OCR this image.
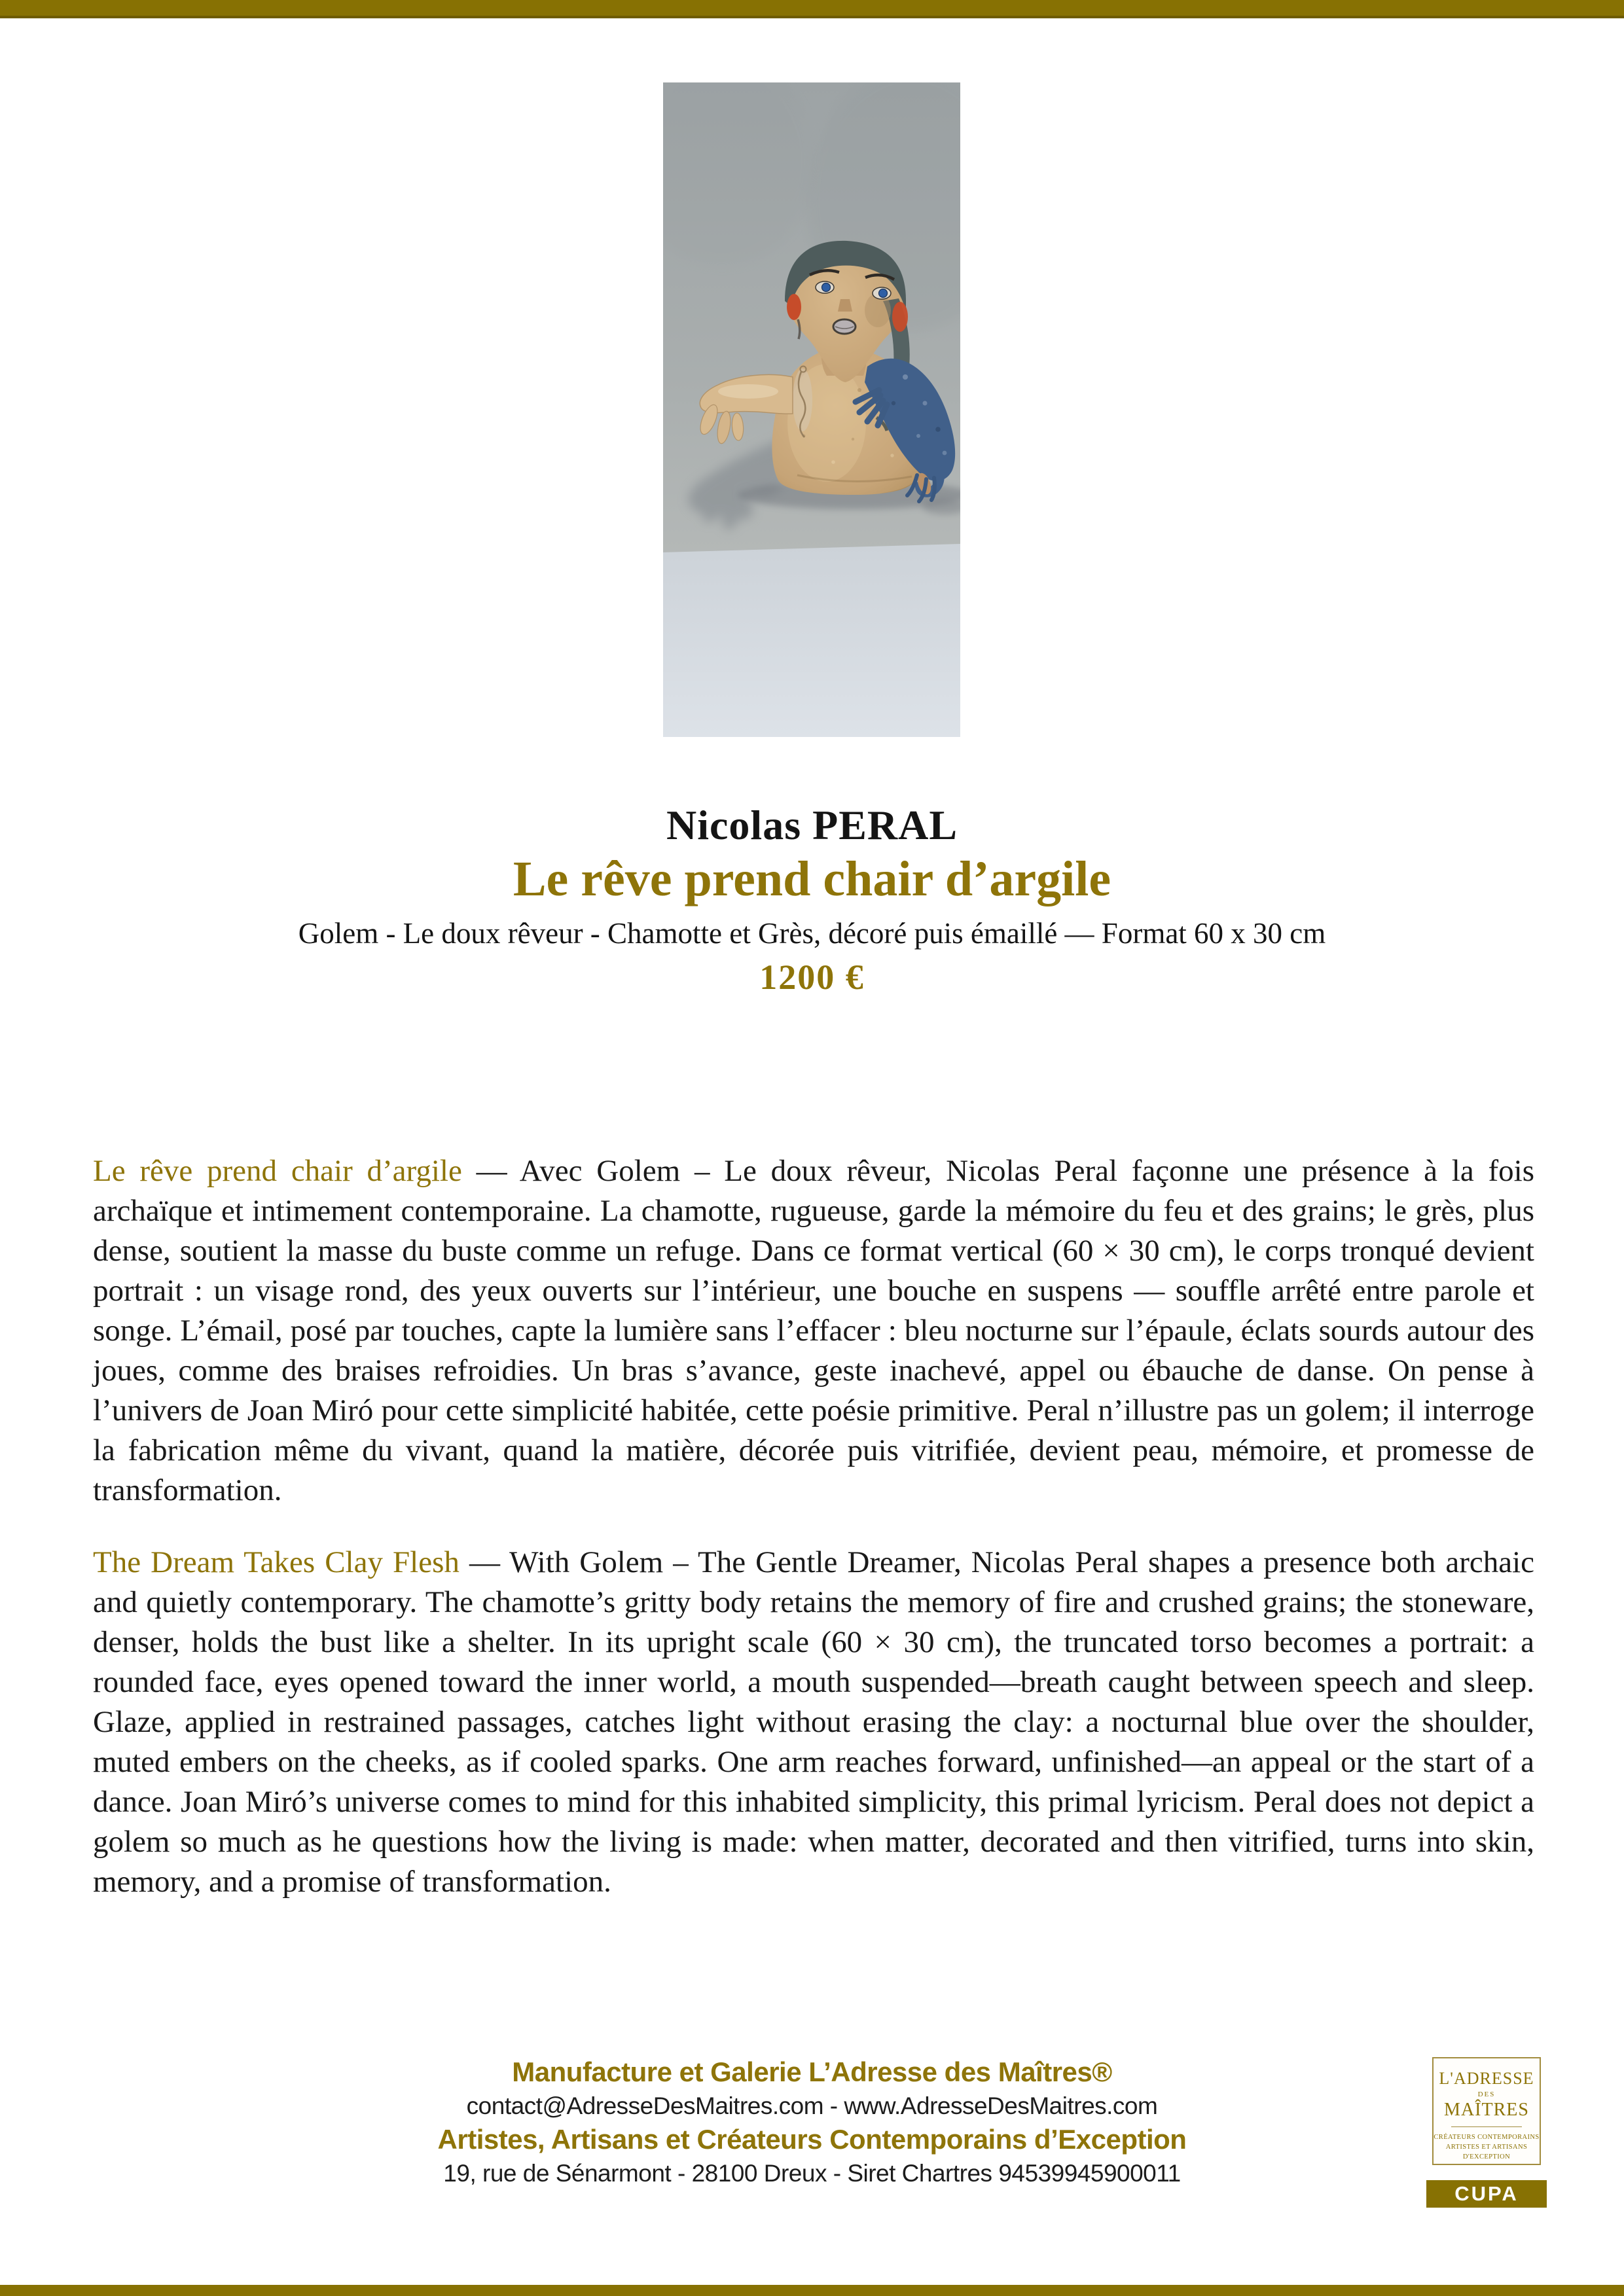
Nicolas PERAL
Le rêve prend chair d’argile
Golem - Le doux rêveur - Chamotte et Grès, décoré puis émaillé — Format 60 x 30 cm
1200 €

Le rêve prend chair d’argile — Avec Golem – Le doux rêveur, Nicolas Peral façonne une présence à la fois archaïque et intimement contemporaine. La chamotte, rugueuse, garde la mémoire du feu et des grains; le grès, plus dense, soutient la masse du buste comme un refuge. Dans ce format vertical (60 × 30 cm), le corps tronqué devient portrait : un visage rond, des yeux ouverts sur l’intérieur, une bouche en suspens — souffle arrêté entre parole et songe. L’émail, posé par touches, capte la lumière sans l’effacer : bleu nocturne sur l’épaule, éclats sourds autour des joues, comme des braises refroidies. Un bras s’avance, geste inachevé, appel ou ébauche de danse. On pense à l’univers de Joan Miró pour cette simplicité habitée, cette poésie primitive. Peral n’illustre pas un golem; il interroge la fabrication même du vivant, quand la matière, décorée puis vitrifiée, devient peau, mémoire, et promesse de transformation.

The Dream Takes Clay Flesh — With Golem – The Gentle Dreamer, Nicolas Peral shapes a presence both archaic and quietly contemporary. The chamotte’s gritty body retains the memory of fire and crushed grains; the stoneware, denser, holds the bust like a shelter. In its upright scale (60 × 30 cm), the truncated torso becomes a portrait: a rounded face, eyes opened toward the inner world, a mouth suspended—breath caught between speech and sleep. Glaze, applied in restrained passages, catches light without erasing the clay: a nocturnal blue over the shoulder, muted embers on the cheeks, as if cooled sparks. One arm reaches forward, unfinished—an appeal or the start of a dance. Joan Miró’s universe comes to mind for this inhabited simplicity, this primal lyricism. Peral does not depict a golem so much as he questions how the living is made: when matter, decorated and then vitrified, turns into skin, memory, and a promise of transformation.

Manufacture et Galerie L’Adresse des Maîtres®
contact@AdresseDesMaitres.com - www.AdresseDesMaitres.com
Artistes, Artisans et Créateurs Contemporains d’Exception
19, rue de Sénarmont - 28100 Dreux - Siret Chartres 94539945900011
L'ADRESSE
DES
MAÎTRES
CRÉATEURS CONTEMPORAINS
ARTISTES ET ARTISANS
D'EXCEPTION
CUPA
